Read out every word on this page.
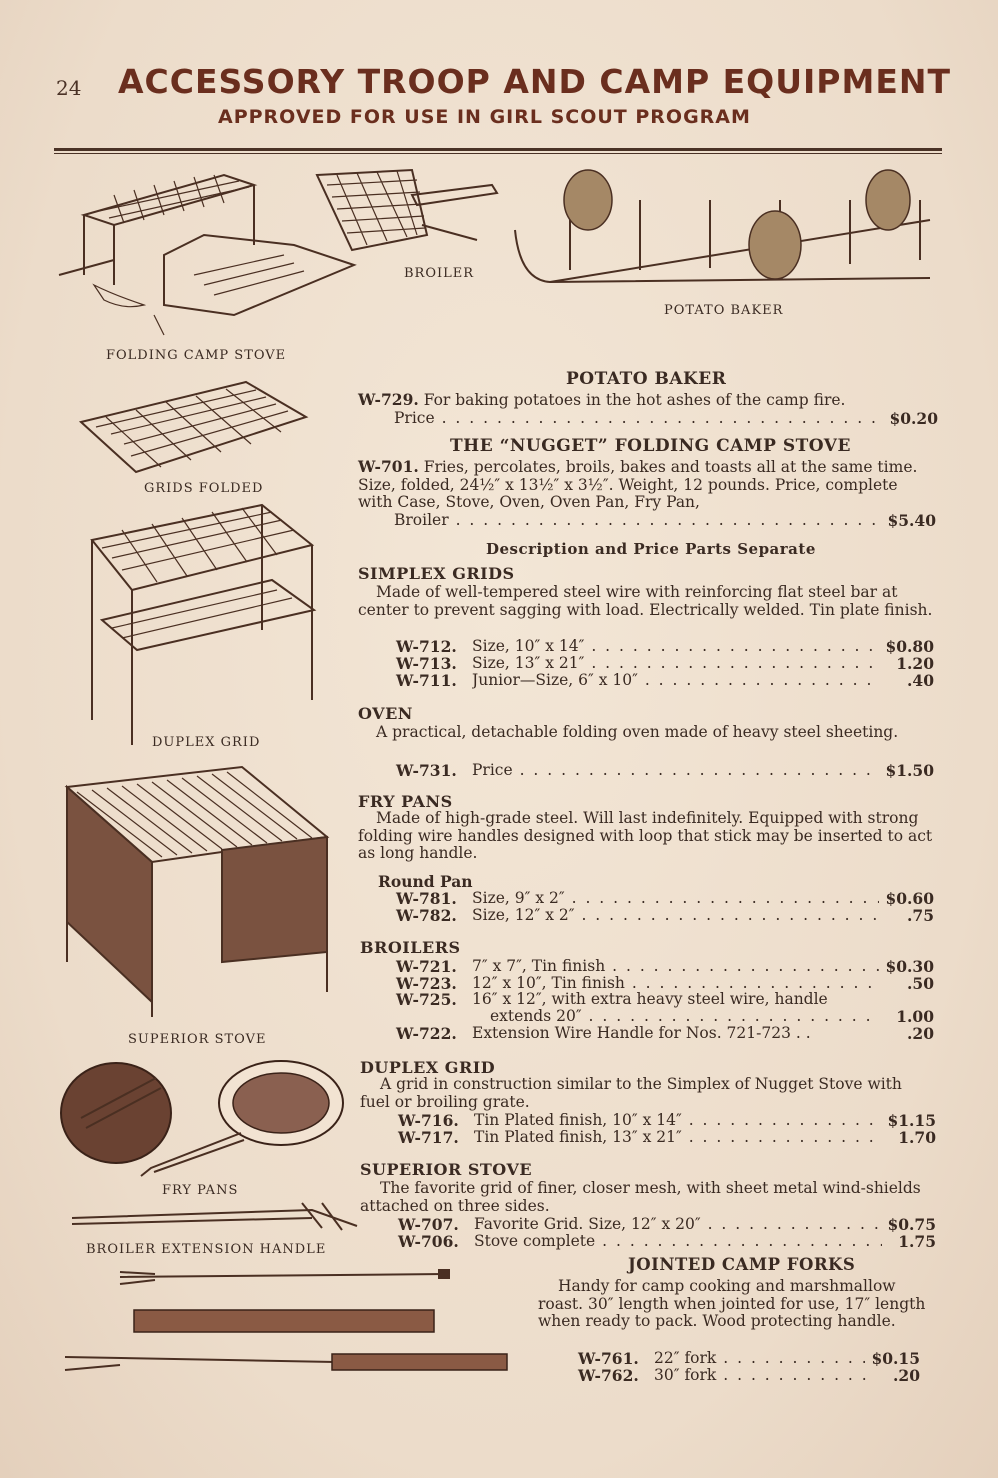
24 ACCESSORY TROOP AND CAMP EQUIPMENT
APPROVED FOR USE IN GIRL SCOUT PROGRAM
FOLDING CAMP STOVE
BROILER
POTATO BAKER
GRIDS FOLDED
DUPLEX GRID
SUPERIOR STOVE
FRY PANS
BROILER EXTENSION HANDLE
POTATO BAKER
W-729. For baking potatoes in the hot ashes of the camp fire.
Price . . .	$0.20
THE “NUGGET” FOLDING CAMP STOVE
W-701. Fries, percolates, broils, bakes and toasts all at the same time. Size, folded, 24½″ x 13½″ x 3½″. Weight, 12 pounds. Price, complete with Case, Stove, Oven, Oven Pan, Fry Pan,
Broiler . . .	$5.40
Description and Price Parts Separate
SIMPLEX GRIDS
Made of well-tempered steel wire with reinforcing flat steel bar at center to prevent sagging with load. Electrically welded. Tin plate finish.
W-712. Size, 10″ x 14″ . . .	$0.80
W-713. Size, 13″ x 21″ . . .	1.20
W-711. Junior—Size, 6″ x 10″ . . .	.40
OVEN
A practical, detachable folding oven made of heavy steel sheeting.
W-731. Price . . .	$1.50
FRY PANS
Made of high-grade steel. Will last indefinitely. Equipped with strong folding wire handles designed with loop that stick may be inserted to act as long handle.
Round Pan
W-781. Size, 9″ x 2″ . . .	$0.60
W-782. Size, 12″ x 2″ . . .	.75
BROILERS
W-721. 7″ x 7″, Tin finish . . .	$0.30
W-723. 12″ x 10″, Tin finish . . .	.50
W-725. 16″ x 12″, with extra heavy steel wire, handle
extends 20″ . . .	1.00
W-722. Extension Wire Handle for Nos. 721-723 . .	.20
DUPLEX GRID
A grid in construction similar to the Simplex of Nugget Stove with fuel or broiling grate.
W-716. Tin Plated finish, 10″ x 14″ . . .	$1.15
W-717. Tin Plated finish, 13″ x 21″ . . .	1.70
SUPERIOR STOVE
The favorite grid of finer, closer mesh, with sheet metal wind-shields attached on three sides.
W-707. Favorite Grid. Size, 12″ x 20″ . . .	$0.75
W-706. Stove complete . . .	1.75
JOINTED CAMP FORKS
Handy for camp cooking and marshmallow roast. 30″ length when jointed for use, 17″ length when ready to pack. Wood protecting handle.
W-761. 22″ fork . . .	$0.15
W-762. 30″ fork . . .	.20
